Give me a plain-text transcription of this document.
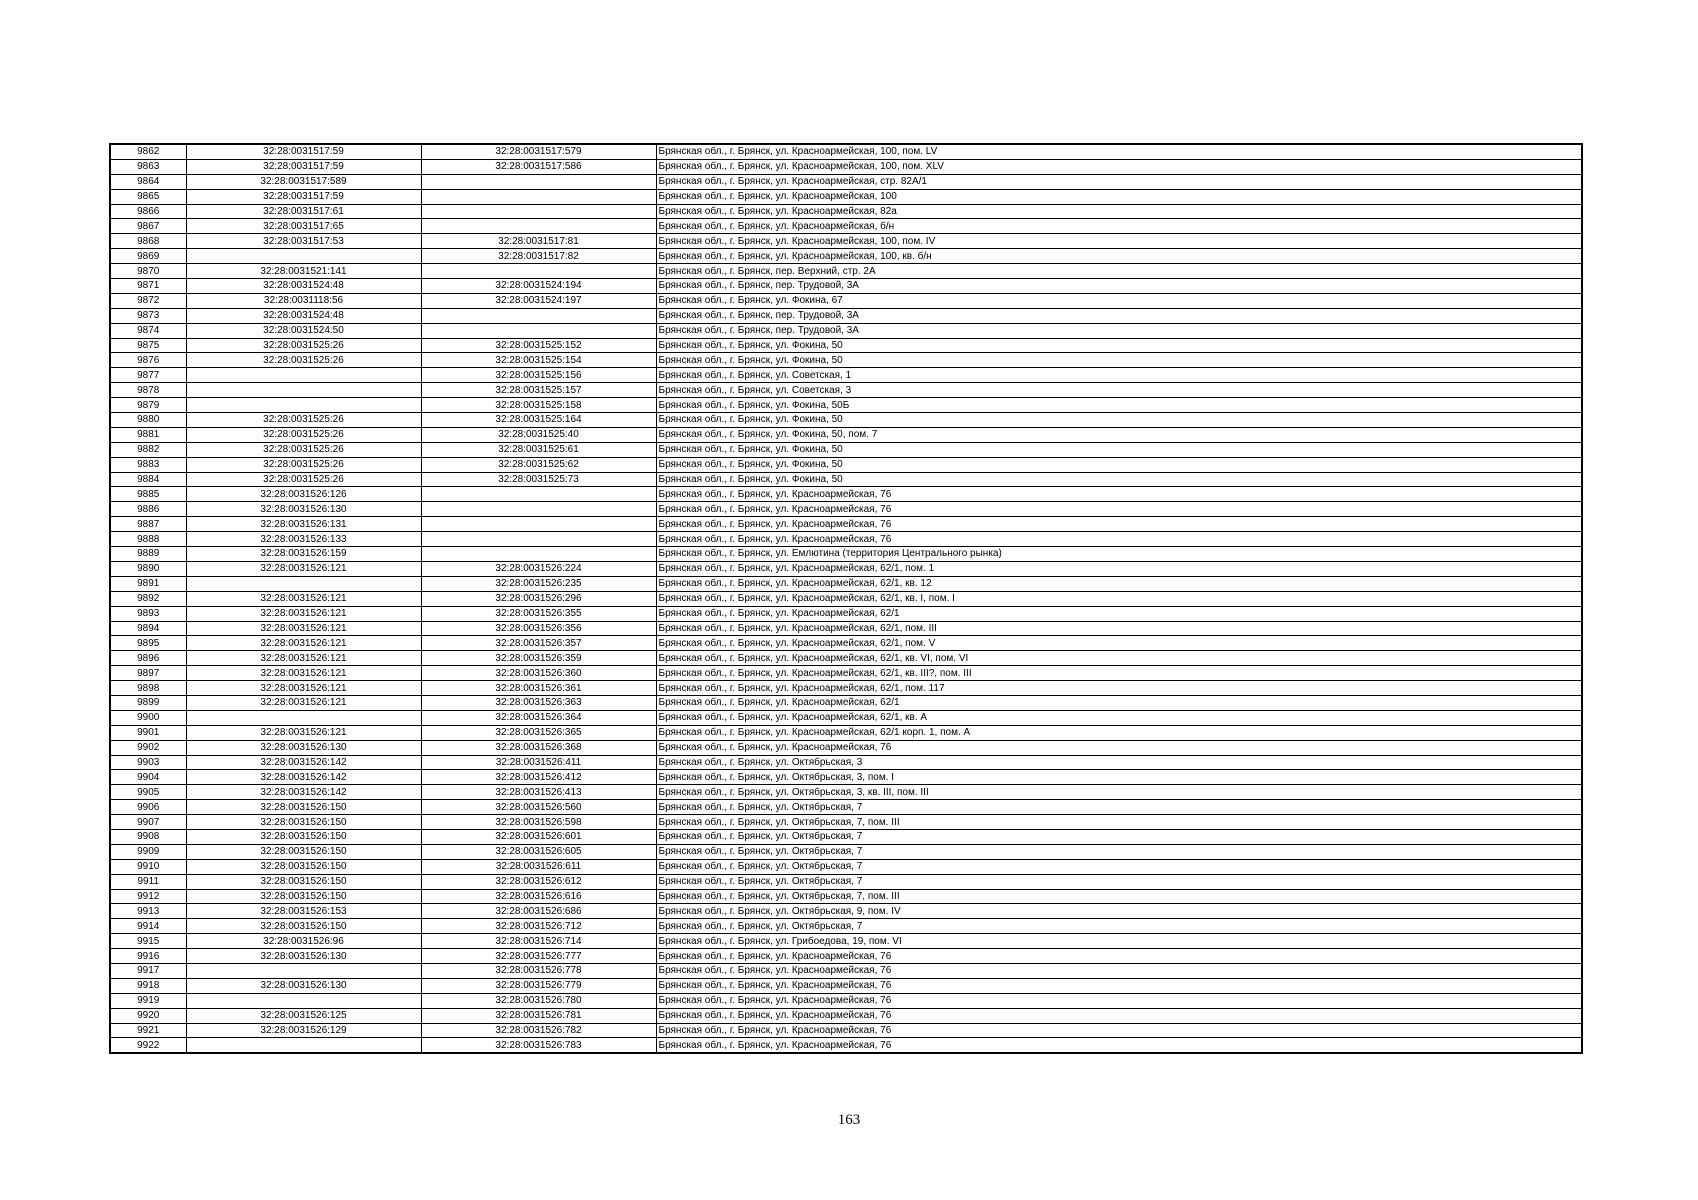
9862	32:28:0031517:59	32:28:0031517:579	Брянская обл., г. Брянск, ул. Красноармейская, 100, пом. LV
9863	32:28:0031517:59	32:28:0031517:586	Брянская обл., г. Брянск, ул. Красноармейская, 100, пом. XLV
9864	32:28:0031517:589		Брянская обл., г. Брянск, ул. Красноармейская, стр. 82А/1
9865	32:28:0031517:59		Брянская обл., г. Брянск, ул. Красноармейская, 100
9866	32:28:0031517:61		Брянская обл., г. Брянск, ул. Красноармейская, 82а
9867	32:28:0031517:65		Брянская обл., г. Брянск, ул. Красноармейская, б/н
9868	32:28:0031517:53	32:28:0031517:81	Брянская обл., г. Брянск, ул. Красноармейская, 100, пом. IV
9869		32:28:0031517:82	Брянская обл., г. Брянск, ул. Красноармейская, 100, кв. б/н
9870	32:28:0031521:141		Брянская обл., г. Брянск, пер. Верхний, стр. 2А
9871	32:28:0031524:48	32:28:0031524:194	Брянская обл., г. Брянск, пер. Трудовой, 3А
9872	32:28:0031118:56	32:28:0031524:197	Брянская обл., г. Брянск, ул. Фокина, 67
9873	32:28:0031524:48		Брянская обл., г. Брянск, пер. Трудовой, 3А
9874	32:28:0031524:50		Брянская обл., г. Брянск, пер. Трудовой, 3А
9875	32:28:0031525:26	32:28:0031525:152	Брянская обл., г. Брянск, ул. Фокина, 50
9876	32:28:0031525:26	32:28:0031525:154	Брянская обл., г. Брянск, ул. Фокина, 50
9877		32:28:0031525:156	Брянская обл., г. Брянск, ул. Советская, 1
9878		32:28:0031525:157	Брянская обл., г. Брянск, ул. Советская, 3
9879		32:28:0031525:158	Брянская обл., г. Брянск, ул. Фокина, 50Б
9880	32:28:0031525:26	32:28:0031525:164	Брянская обл., г. Брянск, ул. Фокина, 50
9881	32:28:0031525:26	32:28:0031525:40	Брянская обл., г. Брянск, ул. Фокина, 50, пом. 7
9882	32:28:0031525:26	32:28:0031525:61	Брянская обл., г. Брянск, ул. Фокина, 50
9883	32:28:0031525:26	32:28:0031525:62	Брянская обл., г. Брянск, ул. Фокина, 50
9884	32:28:0031525:26	32:28:0031525:73	Брянская обл., г. Брянск, ул. Фокина, 50
9885	32:28:0031526:126		Брянская обл., г. Брянск, ул. Красноармейская, 76
9886	32:28:0031526:130		Брянская обл., г. Брянск, ул. Красноармейская, 76
9887	32:28:0031526:131		Брянская обл., г. Брянск, ул. Красноармейская, 76
9888	32:28:0031526:133		Брянская обл., г. Брянск, ул. Красноармейская, 76
9889	32:28:0031526:159		Брянская обл., г. Брянск, ул. Емлютина (территория Центрального рынка)
9890	32:28:0031526:121	32:28:0031526:224	Брянская обл., г. Брянск, ул. Красноармейская, 62/1, пом. 1
9891		32:28:0031526:235	Брянская обл., г. Брянск, ул. Красноармейская, 62/1, кв. 12
9892	32:28:0031526:121	32:28:0031526:296	Брянская обл., г. Брянск, ул. Красноармейская, 62/1, кв. I, пом. I
9893	32:28:0031526:121	32:28:0031526:355	Брянская обл., г. Брянск, ул. Красноармейская, 62/1
9894	32:28:0031526:121	32:28:0031526:356	Брянская обл., г. Брянск, ул. Красноармейская, 62/1, пом. III
9895	32:28:0031526:121	32:28:0031526:357	Брянская обл., г. Брянск, ул. Красноармейская, 62/1, пом. V
9896	32:28:0031526:121	32:28:0031526:359	Брянская обл., г. Брянск, ул. Красноармейская, 62/1, кв. VI, пом. VI
9897	32:28:0031526:121	32:28:0031526:360	Брянская обл., г. Брянск, ул. Красноармейская, 62/1, кв. III?, пом. III
9898	32:28:0031526:121	32:28:0031526:361	Брянская обл., г. Брянск, ул. Красноармейская, 62/1, пом. 117
9899	32:28:0031526:121	32:28:0031526:363	Брянская обл., г. Брянск, ул. Красноармейская, 62/1
9900		32:28:0031526:364	Брянская обл., г. Брянск, ул. Красноармейская, 62/1, кв. А
9901	32:28:0031526:121	32:28:0031526:365	Брянская обл., г. Брянск, ул. Красноармейская, 62/1 корп. 1, пом. А
9902	32:28:0031526:130	32:28:0031526:368	Брянская обл., г. Брянск, ул. Красноармейская, 76
9903	32:28:0031526:142	32:28:0031526:411	Брянская обл., г. Брянск, ул. Октябрьская, 3
9904	32:28:0031526:142	32:28:0031526:412	Брянская обл., г. Брянск, ул. Октябрьская, 3, пом. I
9905	32:28:0031526:142	32:28:0031526:413	Брянская обл., г. Брянск, ул. Октябрьская, 3, кв. III, пом. III
9906	32:28:0031526:150	32:28:0031526:560	Брянская обл., г. Брянск, ул. Октябрьская, 7
9907	32:28:0031526:150	32:28:0031526:598	Брянская обл., г. Брянск, ул. Октябрьская, 7, пом. III
9908	32:28:0031526:150	32:28:0031526:601	Брянская обл., г. Брянск, ул. Октябрьская, 7
9909	32:28:0031526:150	32:28:0031526:605	Брянская обл., г. Брянск, ул. Октябрьская, 7
9910	32:28:0031526:150	32:28:0031526:611	Брянская обл., г. Брянск, ул. Октябрьская, 7
9911	32:28:0031526:150	32:28:0031526:612	Брянская обл., г. Брянск, ул. Октябрьская, 7
9912	32:28:0031526:150	32:28:0031526:616	Брянская обл., г. Брянск, ул. Октябрьская, 7, пом. III
9913	32:28:0031526:153	32:28:0031526:686	Брянская обл., г. Брянск, ул. Октябрьская, 9, пом. IV
9914	32:28:0031526:150	32:28:0031526:712	Брянская обл., г. Брянск, ул. Октябрьская, 7
9915	32:28:0031526:96	32:28:0031526:714	Брянская обл., г. Брянск, ул. Грибоедова, 19, пом. VI
9916	32:28:0031526:130	32:28:0031526:777	Брянская обл., г. Брянск, ул. Красноармейская, 76
9917		32:28:0031526:778	Брянская обл., г. Брянск, ул. Красноармейская, 76
9918	32:28:0031526:130	32:28:0031526:779	Брянская обл., г. Брянск, ул. Красноармейская, 76
9919		32:28:0031526:780	Брянская обл., г. Брянск, ул. Красноармейская, 76
9920	32:28:0031526:125	32:28:0031526:781	Брянская обл., г. Брянск, ул. Красноармейская, 76
9921	32:28:0031526:129	32:28:0031526:782	Брянская обл., г. Брянск, ул. Красноармейская, 76
9922		32:28:0031526:783	Брянская обл., г. Брянск, ул. Красноармейская, 76
163
